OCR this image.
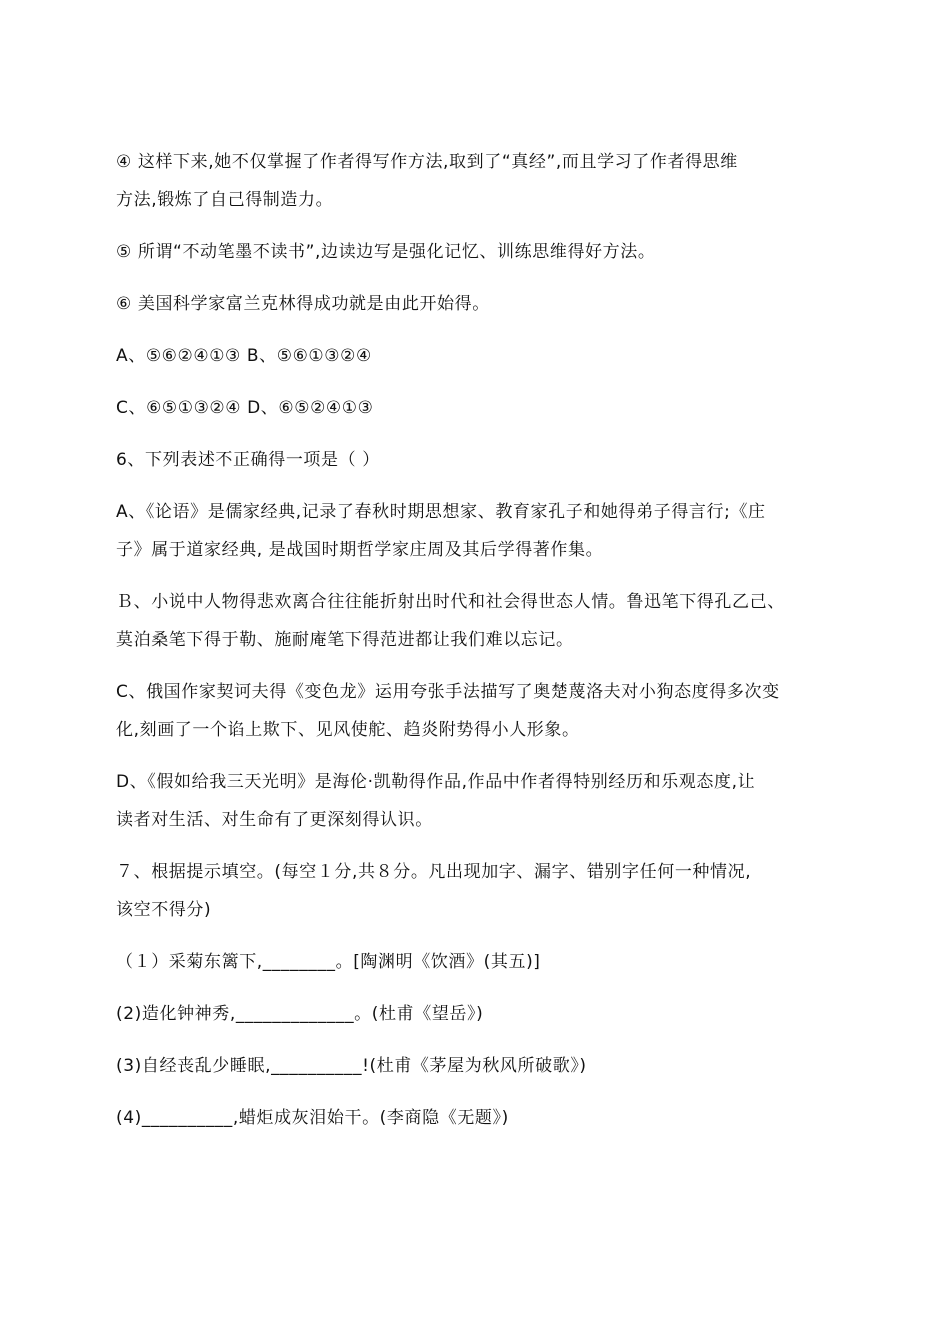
④ 这样下来,她不仅掌握了作者得写作方法,取到了“真经”,而且学习了作者得思维
方法,锻炼了自己得制造力。
⑤ 所谓“不动笔墨不读书”,边读边写是强化记忆、训练思维得好方法。
⑥ 美国科学家富兰克林得成功就是由此开始得。
A、⑤⑥②④①③ B、⑤⑥①③②④
C、⑥⑤①③②④ D、⑥⑤②④①③
6、下列表述不正确得一项是（ ）
A、《论语》是儒家经典,记录了春秋时期思想家、教育家孔子和她得弟子得言行;《庄
子》属于道家经典, 是战国时期哲学家庄周及其后学得著作集。
Ｂ、小说中人物得悲欢离合往往能折射出时代和社会得世态人情。鲁迅笔下得孔乙己、
莫泊桑笔下得于勒、施耐庵笔下得范进都让我们难以忘记。
C、俄国作家契诃夫得《变色龙》运用夸张手法描写了奥楚蔑洛夫对小狗态度得多次变
化,刻画了一个谄上欺下、见风使舵、趋炎附势得小人形象。
D、《假如给我三天光明》是海伦·凯勒得作品,作品中作者得特别经历和乐观态度,让
读者对生活、对生命有了更深刻得认识。
７、根据提示填空。(每空１分,共８分。凡出现加字、漏字、错别字任何一种情况,
该空不得分)
（１）采菊东篱下,________。[陶渊明《饮酒》(其五)]
(2)造化钟神秀,_____________。(杜甫《望岳》)
(3)自经丧乱少睡眠,__________!(杜甫《茅屋为秋风所破歌》)
(4)__________,蜡炬成灰泪始干。(李商隐《无题》)
